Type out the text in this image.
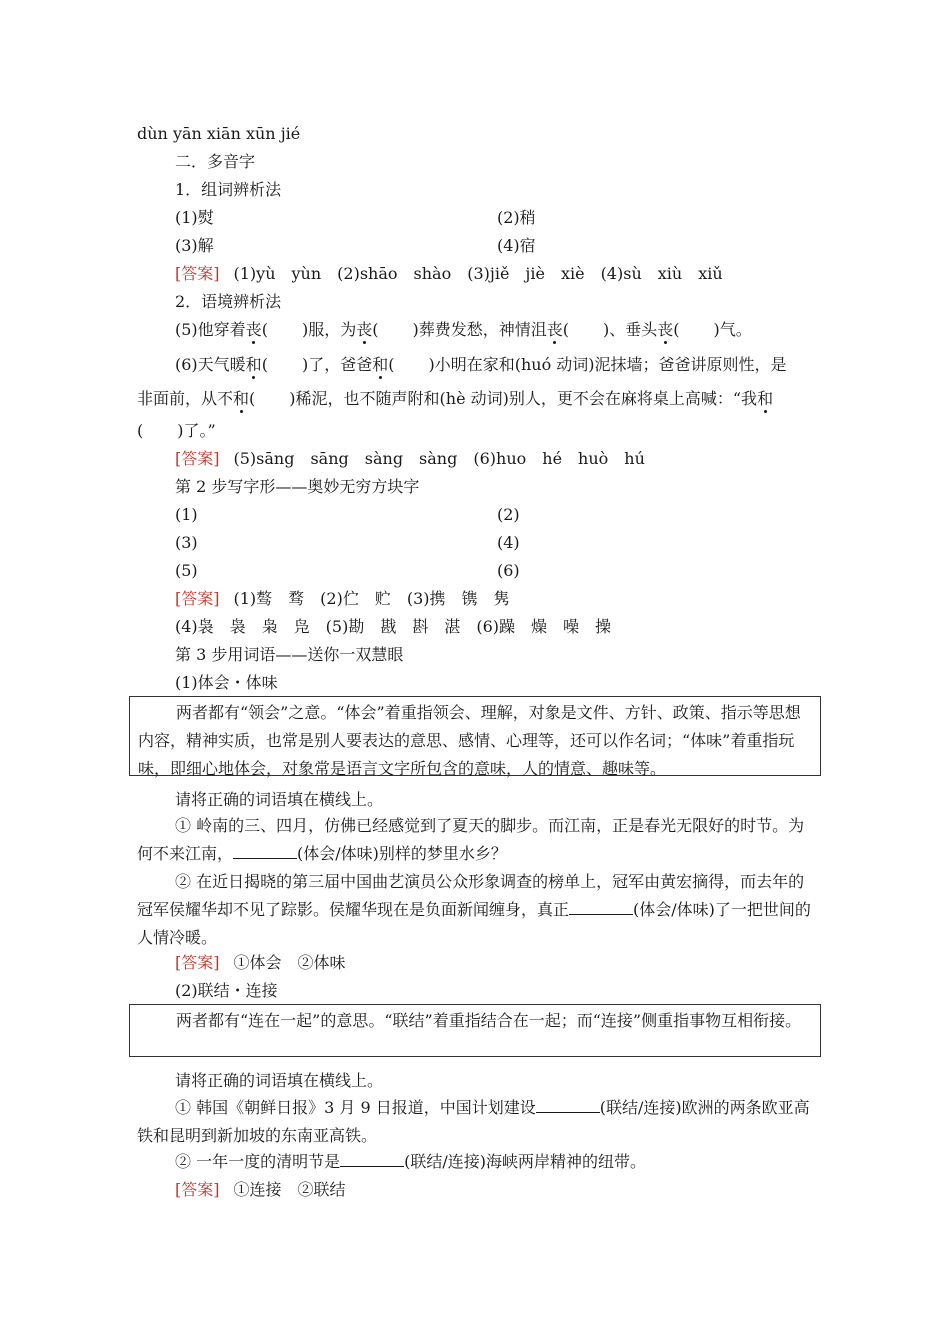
dùn yān xiān xūn jié
二．多音字
1．组词辨析法
(1)熨	(2)稍
(3)解	(4)宿
[答案] (1)yù　yùn　(2)shāo　shào　(3)jiě　jiè　xiè　(4)sù　xiù　xiǔ
2．语境辨析法
(5)他穿着丧( )服，为丧( )葬费发愁，神情沮丧( )、垂头丧( )气。
(6)天气暖和( )了，爸爸和( )小明在家和(huó 动词)泥抹墙；爸爸讲原则性，是
非面前，从不和( )稀泥，也不随声附和(hè 动词)别人，更不会在麻将桌上高喊：“我和
( )了。”
[答案] (5)sāng　sāng　sàng　sàng　(6)huo　hé　huò　hú
第 2 步写字形——奥妙无穷方块字
(1)	(2)
(3)	(4)
(5)	(6)
[答案] (1)骜　骛　(2)伫　贮　(3)携　镌　隽
(4)袅　袅　枭　凫　(5)勘　戡　斟　湛　(6)躁　燥　噪　操
第 3 步用词语——送你一双慧眼
(1)体会・体味

两者都有“领会”之意。“体会”着重指领会、理解，对象是文件、方针、政策、指示等思想内容，精神实质，也常是别人要表达的意思、感情、心理等，还可以作名词；“体味”着重指玩味，即细心地体会，对象常是语言文字所包含的意味，人的情意、趣味等。

请将正确的词语填在横线上。

① 岭南的三、四月，仿佛已经感觉到了夏天的脚步。而江南，正是春光无限好的时节。为何不来江南，	(体会/体味)别样的梦里水乡？

② 在近日揭晓的第三届中国曲艺演员公众形象调查的榜单上，冠军由黄宏摘得，而去年的冠军侯耀华却不见了踪影。侯耀华现在是负面新闻缠身，真正	(体会/体味)了一把世间的人情冷暖。

[答案] ①体会　②体味
(2)联结・连接

两者都有“连在一起”的意思。“联结”着重指结合在一起；而“连接”侧重指事物互相衔接。

请将正确的词语填在横线上。

① 韩国《朝鲜日报》3 月 9 日报道，中国计划建设	(联结/连接)欧洲的两条欧亚高铁和昆明到新加坡的东南亚高铁。

② 一年一度的清明节是	(联结/连接)海峡两岸精神的纽带。
[答案] ①连接　②联结
